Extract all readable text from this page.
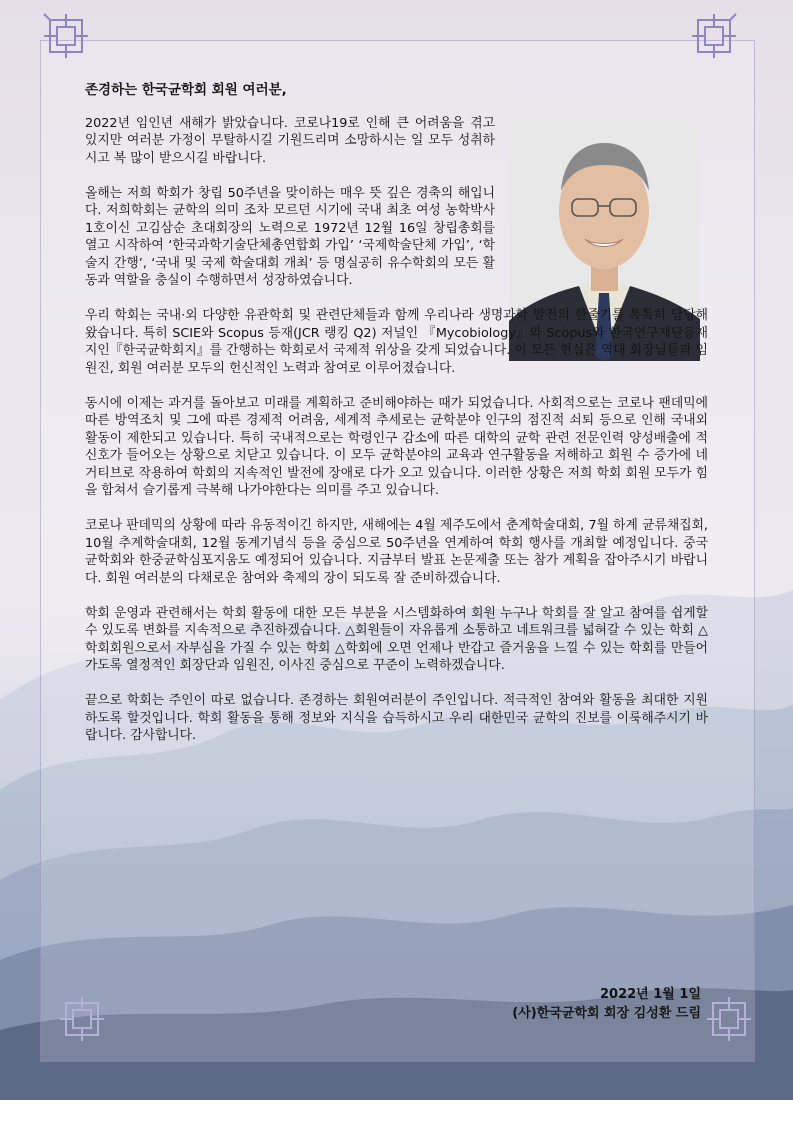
존경하는 한국균학회 회원 여러분,

2022년 임인년 새해가 밝았습니다. 코로나19로 인해 큰 어려움을 겪고 있지만 여러분 가정이 무탈하시길 기원드리며 소망하시는 일 모두 성취하시고 복 많이 받으시길 바랍니다.

올해는 저희 학회가 창립 50주년을 맞이하는 매우 뜻 깊은 경축의 해입니다. 저희학회는 균학의 의미 조차 모르던 시기에 국내 최초 여성 농학박사 1호이신 고김삼순 초대회장의 노력으로 1972년 12월 16일 창립총회를 열고 시작하여 ‘한국과학기술단체총연합회 가입’ ‘국제학술단체 가입’, ‘학술지 간행’, ‘국내 및 국제 학술대회 개최’ 등 명실공히 유수학회의 모든 활동과 역할을 충실이 수행하면서 성장하였습니다.

우리 학회는 국내·외 다양한 유관학회 및 관련단체들과 함께 우리나라 생명과학 발전의 한줄기를 톡톡히 담당해 왔습니다. 특히 SCIE와 Scopus 등재(JCR 랭킹 Q2) 저널인 『Mycobiology』와 Scopus와 한국연구재단등재지인『한국균학회지』를 간행하는 학회로서 국제적 위상을 갖게 되었습니다. 이 모든 현실은 역대 회장님들과 임원진, 회원 여러분 모두의 헌신적인 노력과 참여로 이루어졌습니다.

동시에 이제는 과거를 돌아보고 미래를 계획하고 준비해야하는 때가 되었습니다. 사회적으로는 코로나 팬데믹에 따른 방역조치 및 그에 따른 경제적 어려움, 세계적 추세로는 균학분야 인구의 점진적 쇠퇴 등으로 인해 국내외 활동이 제한되고 있습니다. 특히 국내적으로는 학령인구 감소에 따른 대학의 균학 관련 전문인력 양성배출에 적신호가 들어오는 상황으로 치닫고 있습니다. 이 모두 균학분야의 교육과 연구활동을 저해하고 회원 수 증가에 네거티브로 작용하여 학회의 지속적인 발전에 장애로 다가 오고 있습니다. 이러한 상황은 저희 학회 회원 모두가 힘을 합쳐서 슬기롭게 극복해 나가야한다는 의미를 주고 있습니다.

코로나 판데믹의 상황에 따라 유동적이긴 하지만, 새해에는 4월 제주도에서 춘계학술대회, 7월 하계 균류채집회, 10월 추계학술대회, 12월 동계기념식 등을 중심으로 50주년을 연계하여 학회 행사를 개최할 예정입니다. 중국균학회와 한중균학심포지움도 예정되어 있습니다. 지금부터 발표 논문제출 또는 참가 계획을 잡아주시기 바랍니다. 회원 여러분의 다채로운 참여와 축제의 장이 되도록 잘 준비하겠습니다.

학회 운영과 관련해서는 학회 활동에 대한 모든 부분을 시스템화하여 회원 누구나 학회를 잘 알고 참여를 쉽게할 수 있도록 변화를 지속적으로 추진하겠습니다. △회원들이 자유롭게 소통하고 네트워크를 넓혀갈 수 있는 학회 △학회회원으로서 자부심을 가질 수 있는 학회 △학회에 오면 언제나 반갑고 즐거움을 느낄 수 있는 학회를 만들어 가도록 열정적인 회장단과 임원진, 이사진 중심으로 꾸준이 노력하겠습니다.

끝으로 학회는 주인이 따로 없습니다. 존경하는 회원여러분이 주인입니다. 적극적인 참여와 활동을 최대한 지원하도록 할것입니다. 학회 활동을 통해 정보와 지식을 습득하시고 우리 대한민국 균학의 진보를 이룩해주시기 바랍니다. 감사합니다.

2022년 1월 1일
(사)한국균학회 회장 김성환 드림
